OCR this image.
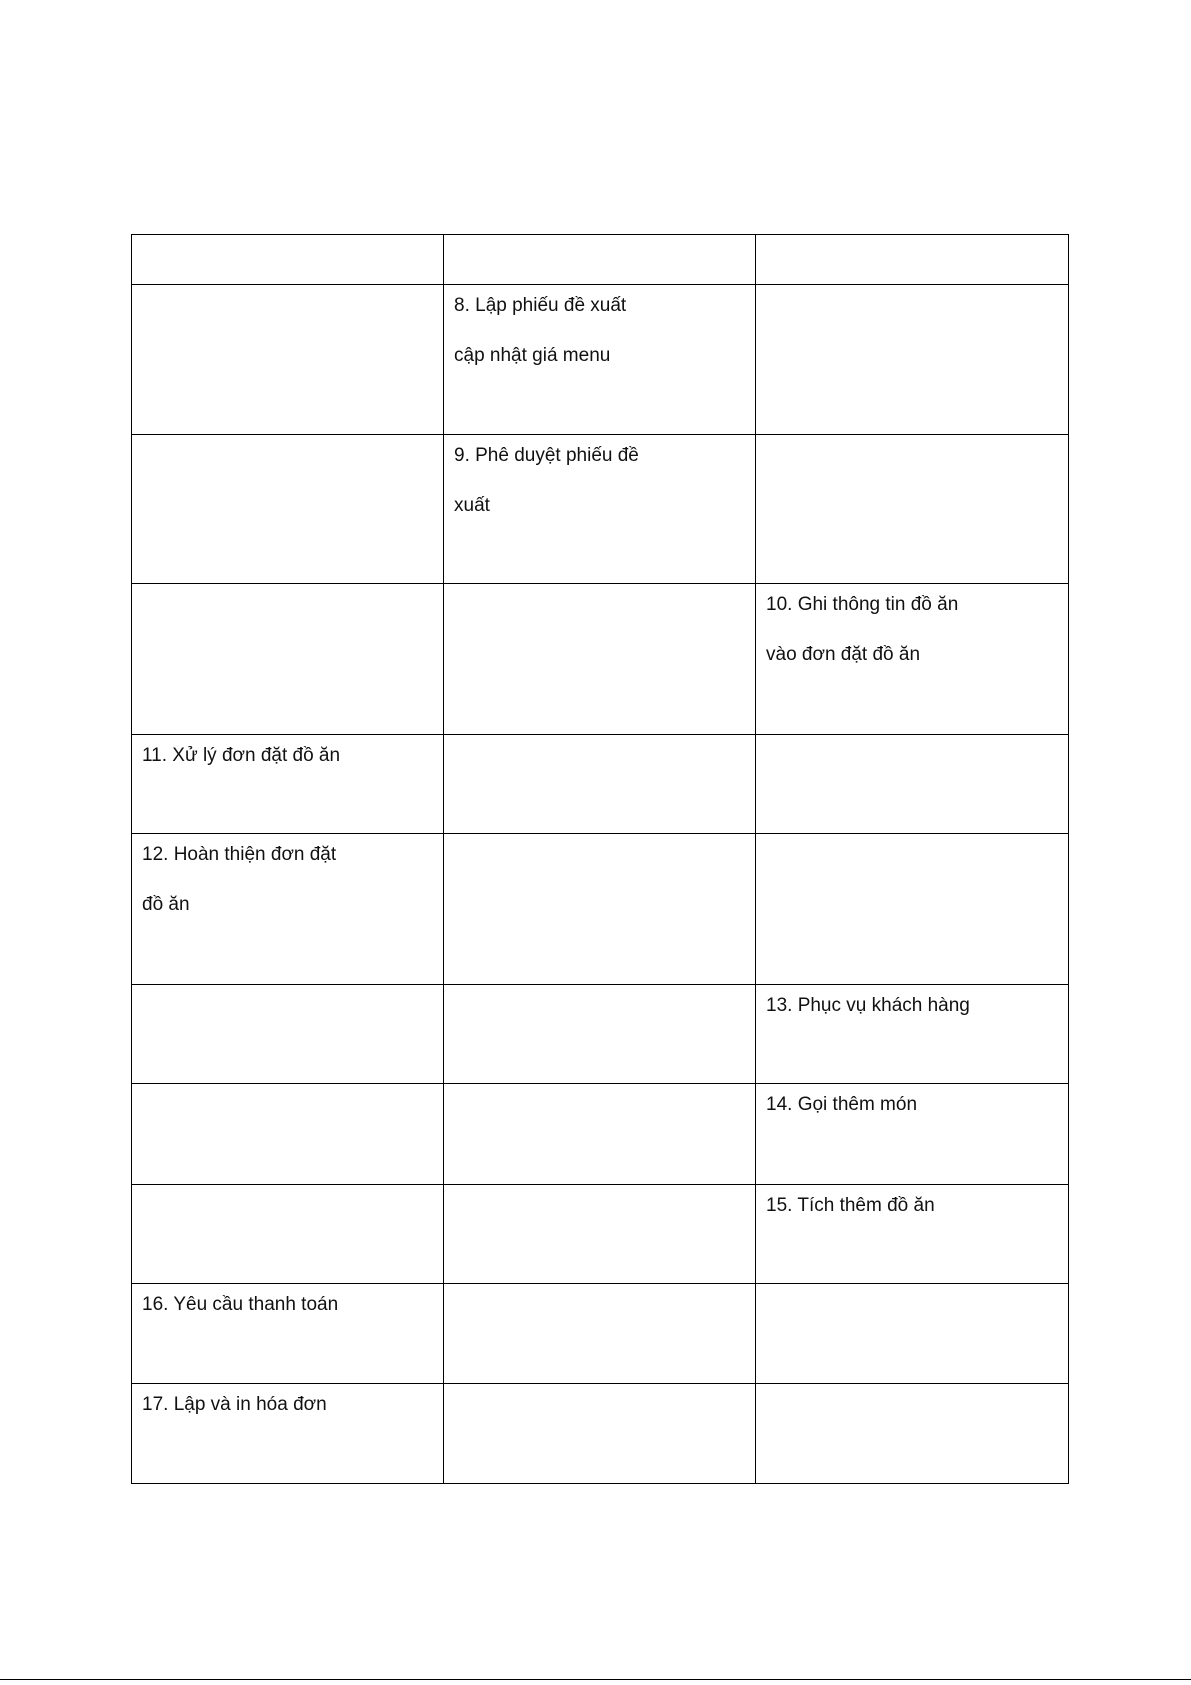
	8. Lập phiếu đề xuất
cập nhật giá menu	

	9. Phê duyệt phiếu đề
xuất	

		10. Ghi thông tin đồ ăn
vào đơn đặt đồ ăn

11. Xử lý đơn đặt đồ ăn		

12. Hoàn thiện đơn đặt
đồ ăn		

		13. Phục vụ khách hàng

		14. Gọi thêm món

		15. Tích thêm đồ ăn

16. Yêu cầu thanh toán		

17. Lập và in hóa đơn		
